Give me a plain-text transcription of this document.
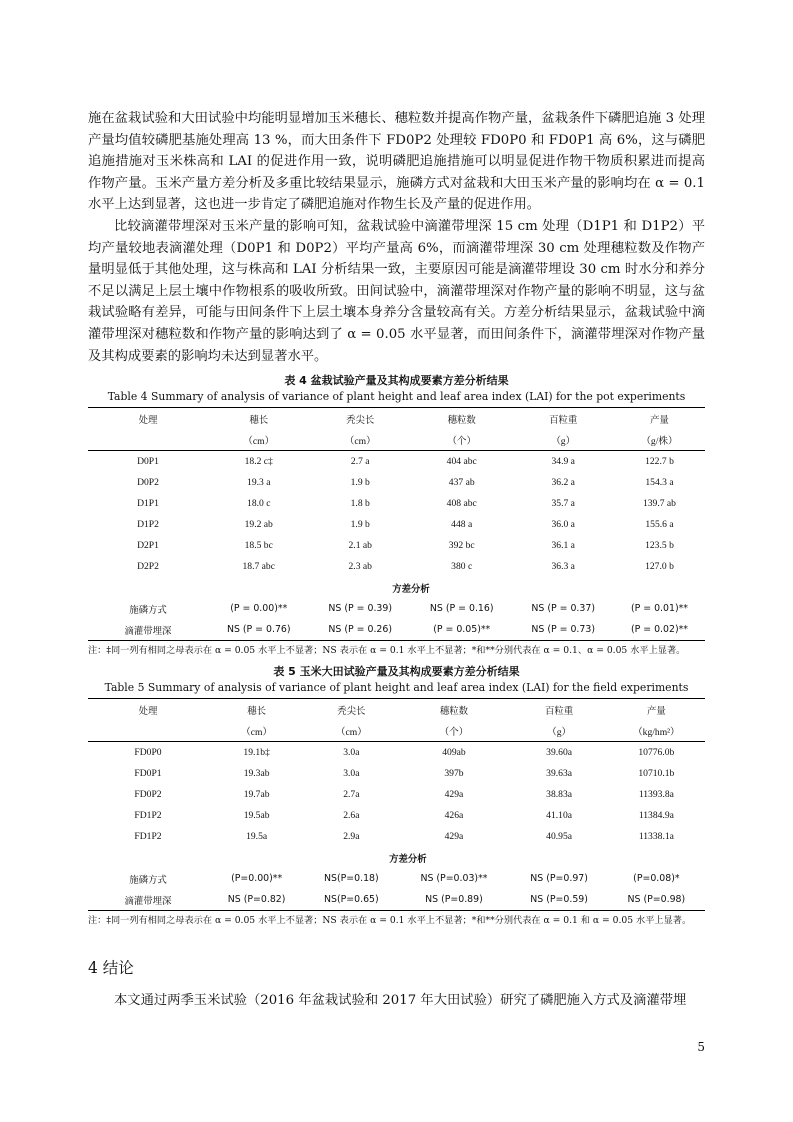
施在盆栽试验和大田试验中均能明显增加玉米穗长、穗粒数并提高作物产量，盆栽条件下磷肥追施 3 处理产量均值较磷肥基施处理高 13 %，而大田条件下 FD0P2 处理较 FD0P0 和 FD0P1 高 6%，这与磷肥追施措施对玉米株高和 LAI 的促进作用一致，说明磷肥追施措施可以明显促进作物干物质积累进而提高作物产量。玉米产量方差分析及多重比较结果显示，施磷方式对盆栽和大田玉米产量的影响均在 α = 0.1 水平上达到显著，这也进一步肯定了磷肥追施对作物生长及产量的促进作用。

比较滴灌带埋深对玉米产量的影响可知，盆栽试验中滴灌带埋深 15 cm 处理（D1P1 和 D1P2）平均产量较地表滴灌处理（D0P1 和 D0P2）平均产量高 6%，而滴灌带埋深 30 cm 处理穗粒数及作物产量明显低于其他处理，这与株高和 LAI 分析结果一致，主要原因可能是滴灌带埋设 30 cm 时水分和养分不足以满足上层土壤中作物根系的吸收所致。田间试验中，滴灌带埋深对作物产量的影响不明显，这与盆栽试验略有差异，可能与田间条件下上层土壤本身养分含量较高有关。方差分析结果显示，盆栽试验中滴灌带埋深对穗粒数和作物产量的影响达到了 α = 0.05 水平显著，而田间条件下，滴灌带埋深对作物产量及其构成要素的影响均未达到显著水平。

表 4 盆栽试验产量及其构成要素方差分析结果
Table 4 Summary of analysis of variance of plant height and leaf area index (LAI) for the pot experiments
处理	穗长	秃尖长	穗粒数	百粒重	产量
	（cm）	（cm）	（个）	（g）	（g/株）
D0P1	18.2 c‡	2.7 a	404 abc	34.9 a	122.7 b
D0P2	19.3 a	1.9 b	437 ab	36.2 a	154.3 a
D1P1	18.0 c	1.8 b	408 abc	35.7 a	139.7 ab
D1P2	19.2 ab	1.9 b	448 a	36.0 a	155.6 a
D2P1	18.5 bc	2.1 ab	392 bc	36.1 a	123.5 b
D2P2	18.7 abc	2.3 ab	380 c	36.3 a	127.0 b
		方差分析			
施磷方式	(P = 0.00)**	NS (P = 0.39)	NS (P = 0.16)	NS (P = 0.37)	(P = 0.01)**
滴灌带埋深	NS (P = 0.76)	NS (P = 0.26)	(P = 0.05)**	NS (P = 0.73)	(P = 0.02)**

注：‡同一列有相同之母表示在 α = 0.05 水平上不显著；NS 表示在 α = 0.1 水平上不显著；*和**分别代表在 α = 0.1、α = 0.05 水平上显著。

表 5 玉米大田试验产量及其构成要素方差分析结果
Table 5 Summary of analysis of variance of plant height and leaf area index (LAI) for the field experiments
处理	穗长	秃尖长	穗粒数	百粒重	产量
	（cm）	（cm）	（个）	（g）	（kg/hm²）
FD0P0	19.1b‡	3.0a	409ab	39.60a	10776.0b
FD0P1	19.3ab	3.0a	397b	39.63a	10710.1b
FD0P2	19.7ab	2.7a	429a	38.83a	11393.8a
FD1P2	19.5ab	2.6a	426a	41.10a	11384.9a
FD1P2	19.5a	2.9a	429a	40.95a	11338.1a
		方差分析			
施磷方式	(P=0.00)**	NS(P=0.18)	NS (P=0.03)**	NS (P=0.97)	(P=0.08)*
滴灌带埋深	NS (P=0.82)	NS(P=0.65)	NS (P=0.89)	NS (P=0.59)	NS (P=0.98)

注：‡同一列有相同之母表示在 α = 0.05 水平上不显著；NS 表示在 α = 0.1 水平上不显著；*和**分别代表在 α = 0.1 和 α = 0.05 水平上显著。

4 结论

本文通过两季玉米试验（2016 年盆栽试验和 2017 年大田试验）研究了磷肥施入方式及滴灌带埋

5
